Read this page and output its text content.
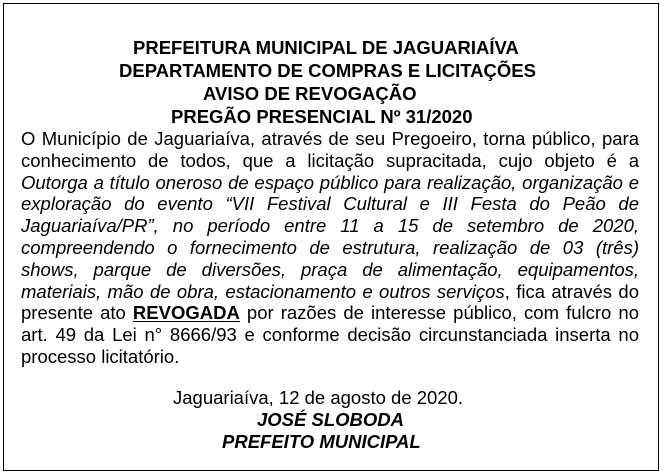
PREFEITURA MUNICIPAL DE JAGUARIAÍVA
DEPARTAMENTO DE COMPRAS E LICITAÇÕES
AVISO DE REVOGAÇÃO
PREGÃO PRESENCIAL Nº 31/2020

O Município de Jaguariaíva, através de seu Pregoeiro, torna público, para conhecimento de todos, que a licitação supracitada, cujo objeto é a Outorga a título oneroso de espaço público para realização, organização e exploração do evento “VII Festival Cultural e III Festa do Peão de Jaguariaíva/PR”, no período entre 11 a 15 de setembro de 2020, compreendendo o fornecimento de estrutura, realização de 03 (três) shows, parque de diversões, praça de alimentação, equipamentos, materiais, mão de obra, estacionamento e outros serviços, fica através do presente ato REVOGADA por razões de interesse público, com fulcro no art. 49 da Lei n° 8666/93 e conforme decisão circunstanciada inserta no processo licitatório.

Jaguariaíva, 12 de agosto de 2020.
JOSÉ SLOBODA
PREFEITO MUNICIPAL
